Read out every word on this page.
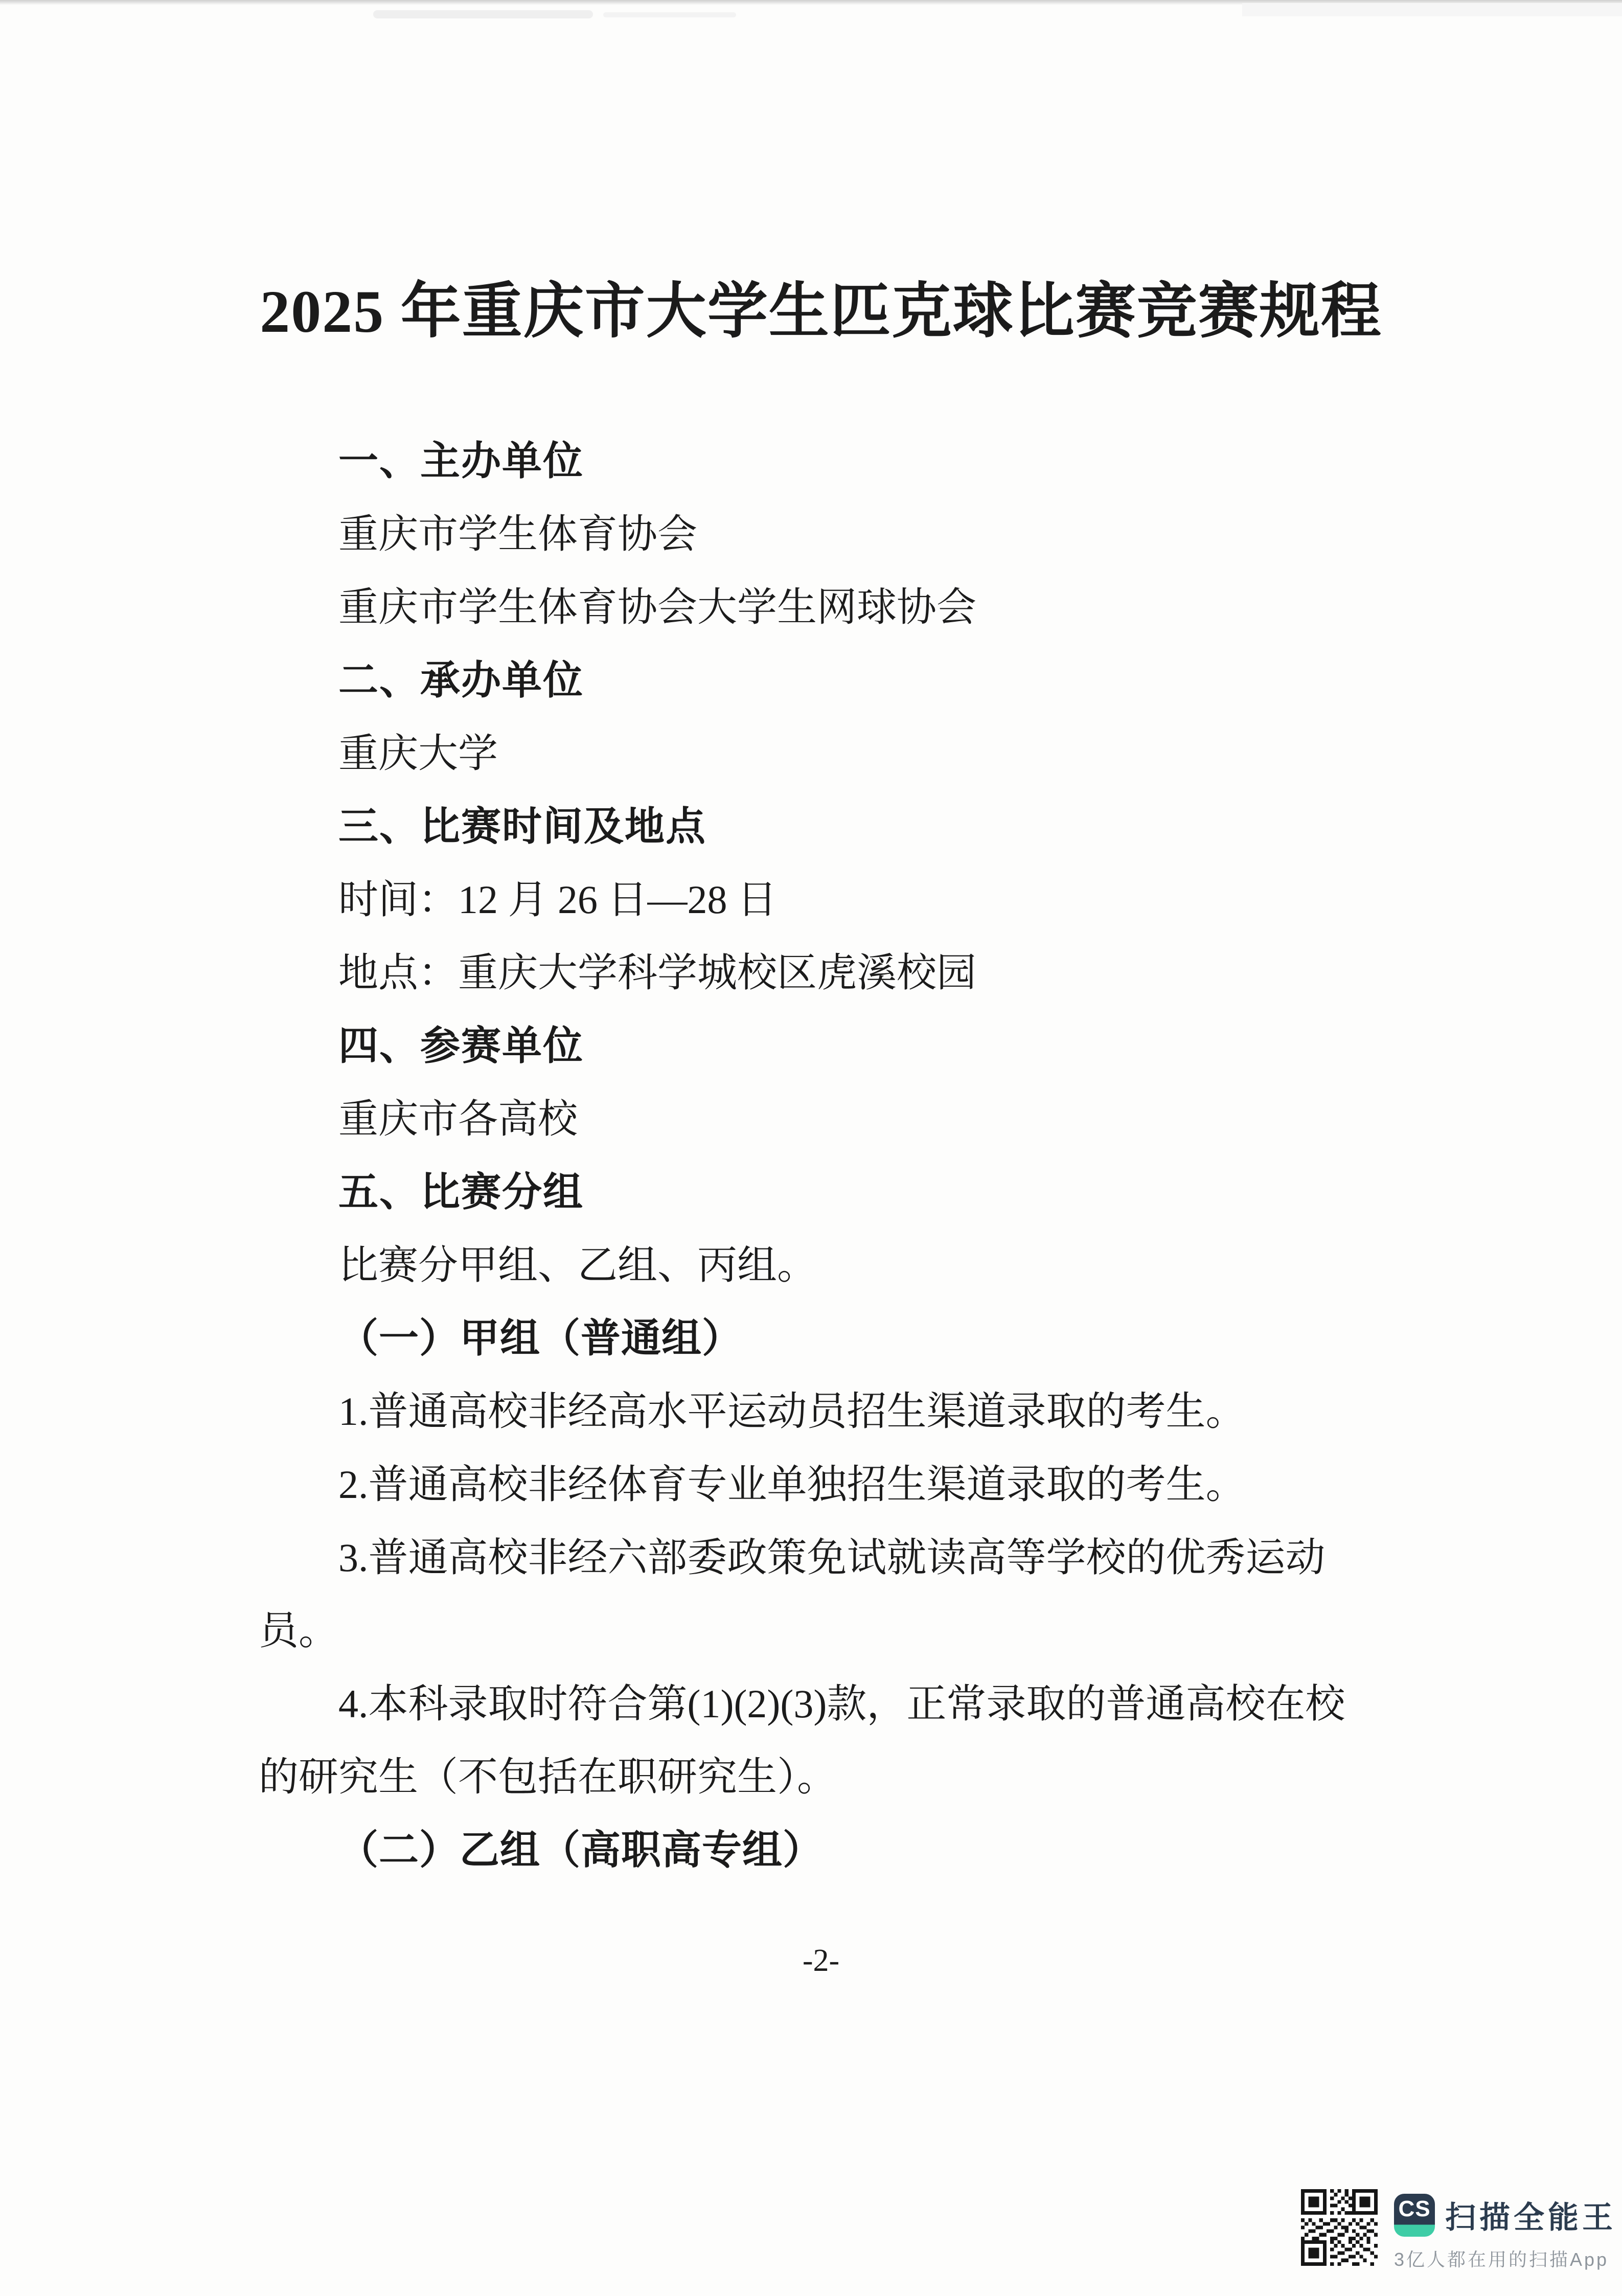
2025 年重庆市大学生匹克球比赛竞赛规程
一、主办单位
重庆市学生体育协会
重庆市学生体育协会大学生网球协会
二、承办单位
重庆大学
三、比赛时间及地点
时间：12 月 26 日—28 日
地点：重庆大学科学城校区虎溪校园
四、参赛单位
重庆市各高校
五、比赛分组
比赛分甲组、乙组、丙组。
（一）甲组（普通组）
1.普通高校非经高水平运动员招生渠道录取的考生。
2.普通高校非经体育专业单独招生渠道录取的考生。
3.普通高校非经六部委政策免试就读高等学校的优秀运动
员。
4.本科录取时符合第(1)(2)(3)款，正常录取的普通高校在校
的研究生（不包括在职研究生）。
（二）乙组（高职高专组）
-2-
CS 扫描全能王
3亿人都在用的扫描App
